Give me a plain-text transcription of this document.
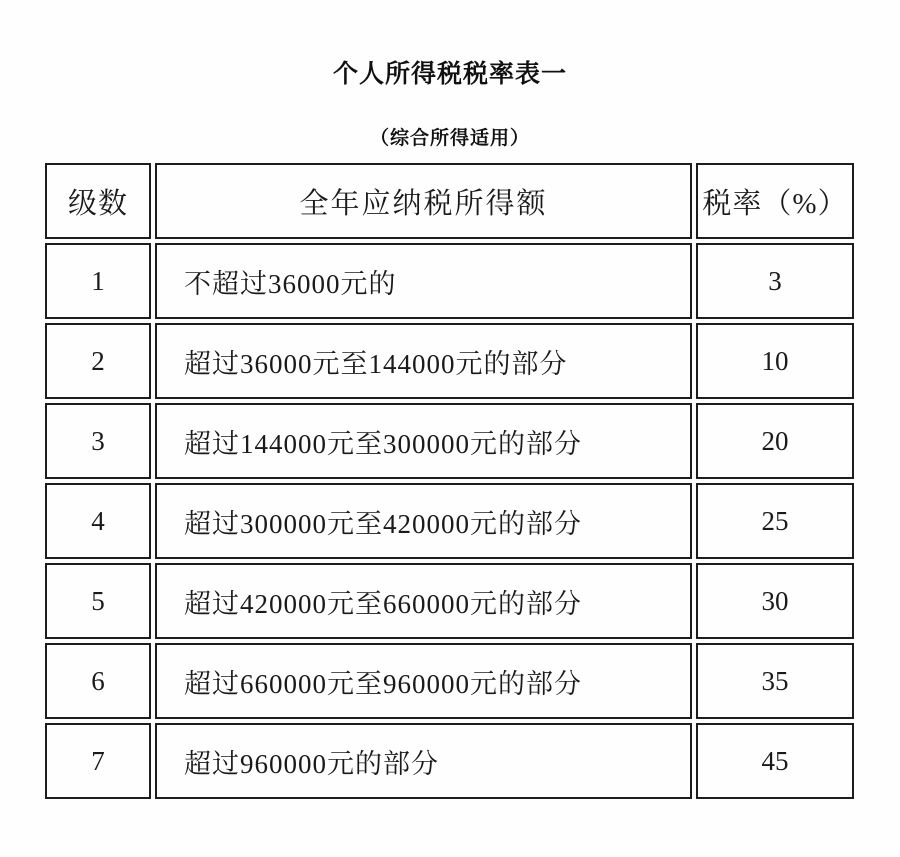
个人所得税税率表一
（综合所得适用）
级数	全年应纳税所得额	税率（%）
1	不超过36000元的	3
2	超过36000元至144000元的部分	10
3	超过144000元至300000元的部分	20
4	超过300000元至420000元的部分	25
5	超过420000元至660000元的部分	30
6	超过660000元至960000元的部分	35
7	超过960000元的部分	45
